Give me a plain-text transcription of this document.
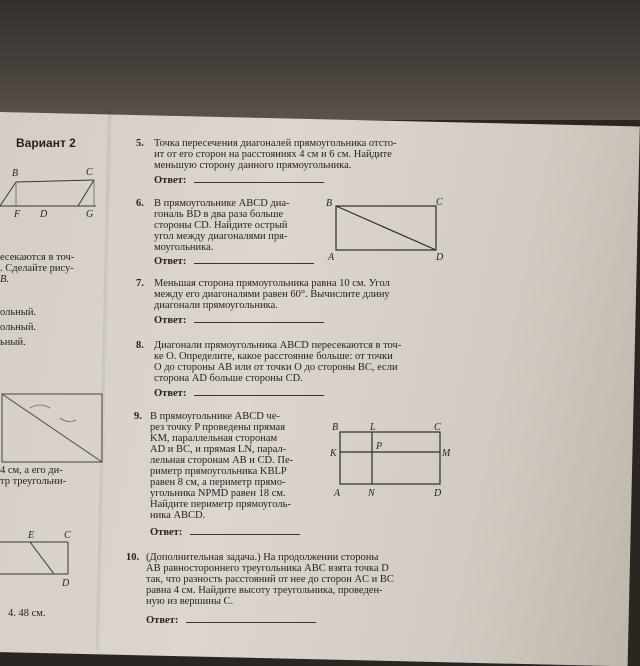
Вариант 2
B	C
F D	G
есекаются в точ-
. Сделайте рису-
В.
ольный.
ольный.
ьный.
4 см, а его ди-
тр треугольни-
E	C
D
4. 48 см.
5. Точка пересечения диагоналей прямоугольника отсто-
ит от его сторон на расстояниях 4 см и 6 см. Найдите
меньшую сторону данного прямоугольника.
Ответ:
6. В прямоугольнике ABCD диа-
гональ BD в два раза больше
стороны CD. Найдите острый
угол между диагоналями пря-
моугольника.
Ответ:
B	C
A	D
7. Меньшая сторона прямоугольника равна 10 см. Угол
между его диагоналями равен 60°. Вычислите длину
диагонали прямоугольника.
Ответ:
8. Диагонали прямоугольника ABCD пересекаются в точ-
ке O. Определите, какое расстояние больше: от точки
O до стороны AB или от точки O до стороны BC, если
сторона AD больше стороны CD.
Ответ:
9. В прямоугольнике ABCD че-
рез точку P проведены прямая
KM, параллельная сторонам
AD и BC, и прямая LN, парал-
лельная сторонам AB и CD. Пе-
риметр прямоугольника KBLP
равен 8 см, а периметр прямо-
угольника NPMD равен 18 см.
Найдите периметр прямоуголь-
ника ABCD.
Ответ:
B	L	C
K
P
M
A	N	D
10. (Дополнительная задача.) На продолжении стороны
AB равностороннего треугольника ABC взята точка D
так, что разность расстояний от нее до сторон AC и BC
равна 4 см. Найдите высоту треугольника, проведен-
ную из вершины C.
Ответ:
